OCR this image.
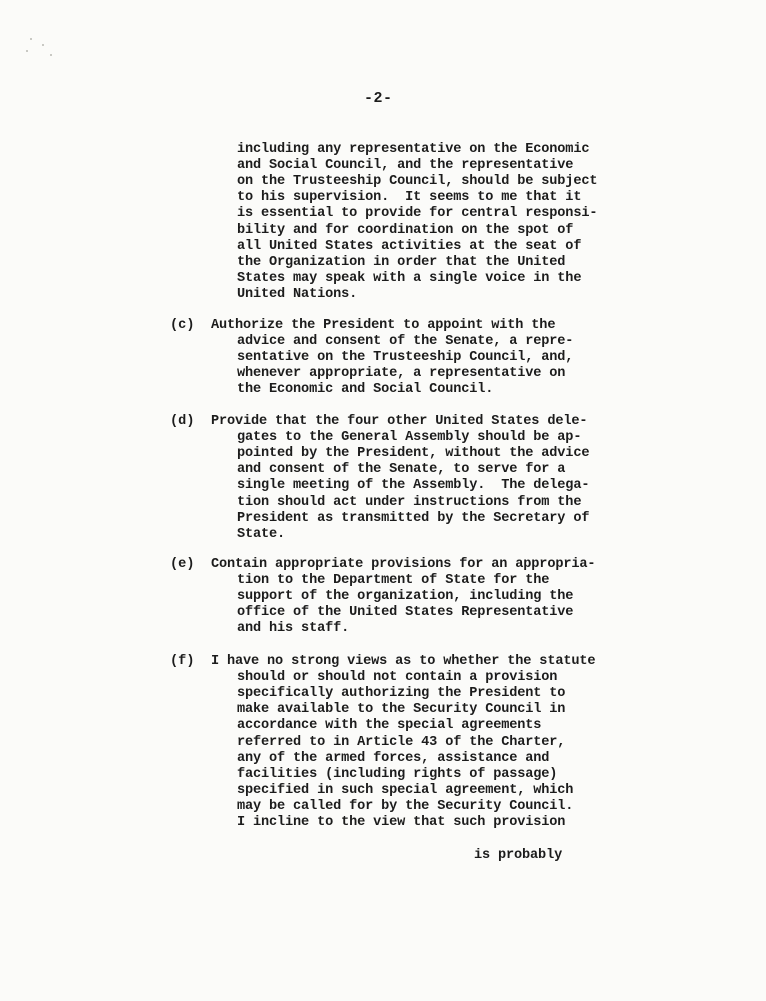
-2-
including any representative on the Economic
and Social Council, and the representative
on the Trusteeship Council, should be subject
to his supervision.  It seems to me that it
is essential to provide for central responsi-
bility and for coordination on the spot of
all United States activities at the seat of
the Organization in order that the United
States may speak with a single voice in the
United Nations.
(c) Authorize the President to appoint with the
advice and consent of the Senate, a repre-
sentative on the Trusteeship Council, and,
whenever appropriate, a representative on
the Economic and Social Council.
(d) Provide that the four other United States dele-
gates to the General Assembly should be ap-
pointed by the President, without the advice
and consent of the Senate, to serve for a
single meeting of the Assembly.  The delega-
tion should act under instructions from the
President as transmitted by the Secretary of
State.
(e) Contain appropriate provisions for an appropria-
tion to the Department of State for the
support of the organization, including the
office of the United States Representative
and his staff.
(f) I have no strong views as to whether the statute
should or should not contain a provision
specifically authorizing the President to
make available to the Security Council in
accordance with the special agreements
referred to in Article 43 of the Charter,
any of the armed forces, assistance and
facilities (including rights of passage)
specified in such special agreement, which
may be called for by the Security Council.
I incline to the view that such provision
is probably
